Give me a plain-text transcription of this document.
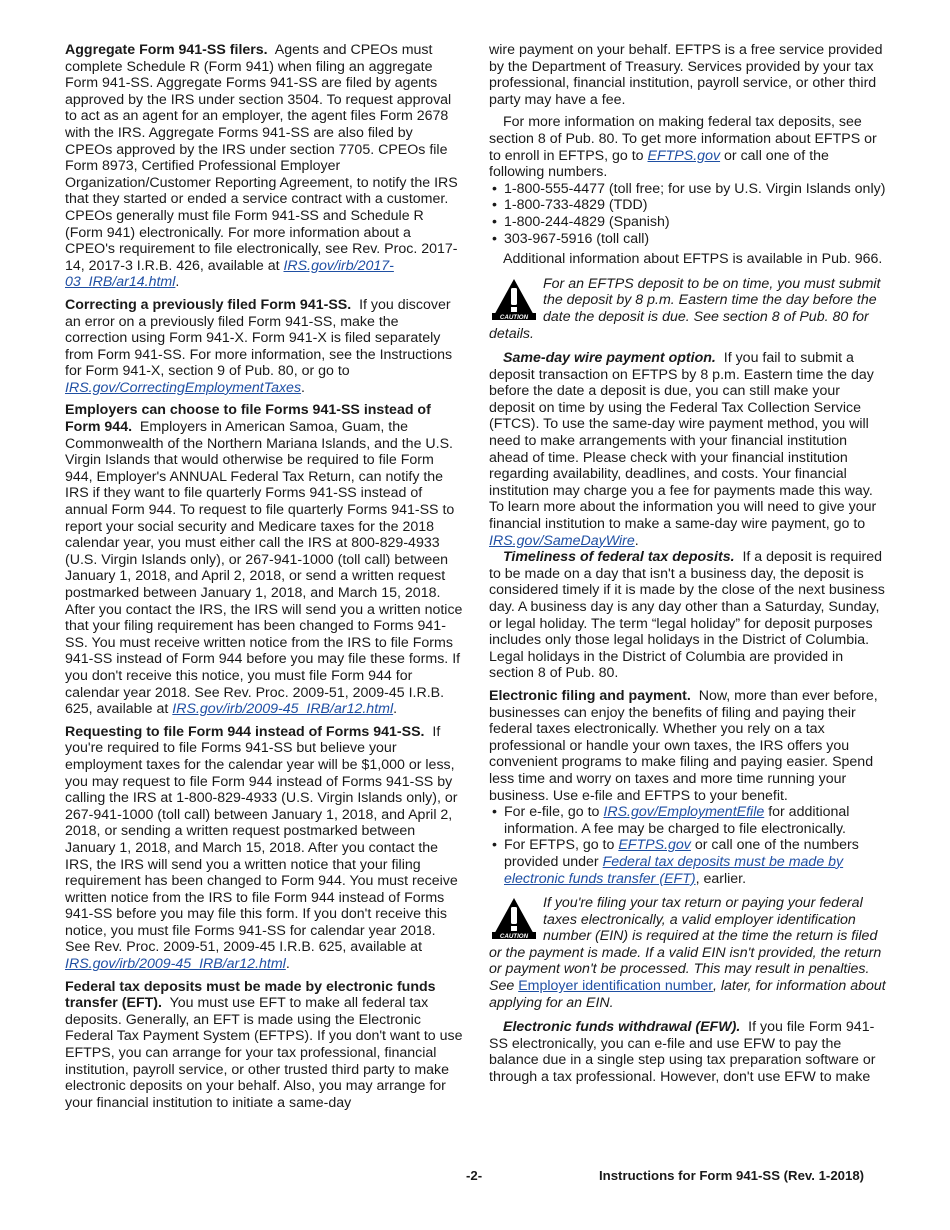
Aggregate Form 941-SS filers. Agents and CPEOs must complete Schedule R (Form 941) when filing an aggregate Form 941-SS. Aggregate Forms 941-SS are filed by agents approved by the IRS under section 3504. To request approval to act as an agent for an employer, the agent files Form 2678 with the IRS. Aggregate Forms 941-SS are also filed by CPEOs approved by the IRS under section 7705. CPEOs file Form 8973, Certified Professional Employer Organization/Customer Reporting Agreement, to notify the IRS that they started or ended a service contract with a customer. CPEOs generally must file Form 941-SS and Schedule R (Form 941) electronically. For more information about a CPEO's requirement to file electronically, see Rev. Proc. 2017-14, 2017-3 I.R.B. 426, available at IRS.gov/irb/2017-03_IRB/ar14.html.

Correcting a previously filed Form 941-SS. If you discover an error on a previously filed Form 941-SS, make the correction using Form 941-X. Form 941-X is filed separately from Form 941-SS. For more information, see the Instructions for Form 941-X, section 9 of Pub. 80, or go to IRS.gov/CorrectingEmploymentTaxes.

Employers can choose to file Forms 941-SS instead of Form 944. Employers in American Samoa, Guam, the Commonwealth of the Northern Mariana Islands, and the U.S. Virgin Islands that would otherwise be required to file Form 944, Employer's ANNUAL Federal Tax Return, can notify the IRS if they want to file quarterly Forms 941-SS instead of annual Form 944. To request to file quarterly Forms 941-SS to report your social security and Medicare taxes for the 2018 calendar year, you must either call the IRS at 800-829-4933 (U.S. Virgin Islands only), or 267-941-1000 (toll call) between January 1, 2018, and April 2, 2018, or send a written request postmarked between January 1, 2018, and March 15, 2018. After you contact the IRS, the IRS will send you a written notice that your filing requirement has been changed to Forms 941-SS. You must receive written notice from the IRS to file Forms 941-SS instead of Form 944 before you may file these forms. If you don't receive this notice, you must file Form 944 for calendar year 2018. See Rev. Proc. 2009-51, 2009-45 I.R.B. 625, available at IRS.gov/irb/2009-45_IRB/ar12.html.

Requesting to file Form 944 instead of Forms 941-SS. If you're required to file Forms 941-SS but believe your employment taxes for the calendar year will be $1,000 or less, you may request to file Form 944 instead of Forms 941-SS by calling the IRS at 1-800-829-4933 (U.S. Virgin Islands only), or 267-941-1000 (toll call) between January 1, 2018, and April 2, 2018, or sending a written request postmarked between January 1, 2018, and March 15, 2018. After you contact the IRS, the IRS will send you a written notice that your filing requirement has been changed to Form 944. You must receive written notice from the IRS to file Form 944 instead of Forms 941-SS before you may file this form. If you don't receive this notice, you must file Forms 941-SS for calendar year 2018. See Rev. Proc. 2009-51, 2009-45 I.R.B. 625, available at IRS.gov/irb/2009-45_IRB/ar12.html.

Federal tax deposits must be made by electronic funds transfer (EFT). You must use EFT to make all federal tax deposits. Generally, an EFT is made using the Electronic Federal Tax Payment System (EFTPS). If you don't want to use EFTPS, you can arrange for your tax professional, financial institution, payroll service, or other trusted third party to make electronic deposits on your behalf. Also, you may arrange for your financial institution to initiate a same-day

wire payment on your behalf. EFTPS is a free service provided by the Department of Treasury. Services provided by your tax professional, financial institution, payroll service, or other third party may have a fee.

For more information on making federal tax deposits, see section 8 of Pub. 80. To get more information about EFTPS or to enroll in EFTPS, go to EFTPS.gov or call one of the following numbers.

• 1-800-555-4477 (toll free; for use by U.S. Virgin Islands only)
• 1-800-733-4829 (TDD)
• 1-800-244-4829 (Spanish)
• 303-967-5916 (toll call)

Additional information about EFTPS is available in Pub. 966.

CAUTION
For an EFTPS deposit to be on time, you must submit the deposit by 8 p.m. Eastern time the day before the date the deposit is due. See section 8 of Pub. 80 for details.

Same-day wire payment option. If you fail to submit a deposit transaction on EFTPS by 8 p.m. Eastern time the day before the date a deposit is due, you can still make your deposit on time by using the Federal Tax Collection Service (FTCS). To use the same-day wire payment method, you will need to make arrangements with your financial institution ahead of time. Please check with your financial institution regarding availability, deadlines, and costs. Your financial institution may charge you a fee for payments made this way. To learn more about the information you will need to give your financial institution to make a same-day wire payment, go to IRS.gov/SameDayWire.

Timeliness of federal tax deposits. If a deposit is required to be made on a day that isn't a business day, the deposit is considered timely if it is made by the close of the next business day. A business day is any day other than a Saturday, Sunday, or legal holiday. The term “legal holiday” for deposit purposes includes only those legal holidays in the District of Columbia. Legal holidays in the District of Columbia are provided in section 8 of Pub. 80.

Electronic filing and payment. Now, more than ever before, businesses can enjoy the benefits of filing and paying their federal taxes electronically. Whether you rely on a tax professional or handle your own taxes, the IRS offers you convenient programs to make filing and paying easier. Spend less time and worry on taxes and more time running your business. Use e-file and EFTPS to your benefit.

• For e-file, go to IRS.gov/EmploymentEfile for additional information. A fee may be charged to file electronically.
• For EFTPS, go to EFTPS.gov or call one of the numbers provided under Federal tax deposits must be made by electronic funds transfer (EFT), earlier.
CAUTION
If you're filing your tax return or paying your federal taxes electronically, a valid employer identification number (EIN) is required at the time the return is filed or the payment is made. If a valid EIN isn't provided, the return or payment won't be processed. This may result in penalties. See Employer identification number, later, for information about applying for an EIN.

Electronic funds withdrawal (EFW). If you file Form 941-SS electronically, you can e-file and use EFW to pay the balance due in a single step using tax preparation software or through a tax professional. However, don't use EFW to make

-2-	Instructions for Form 941-SS (Rev. 1-2018)
